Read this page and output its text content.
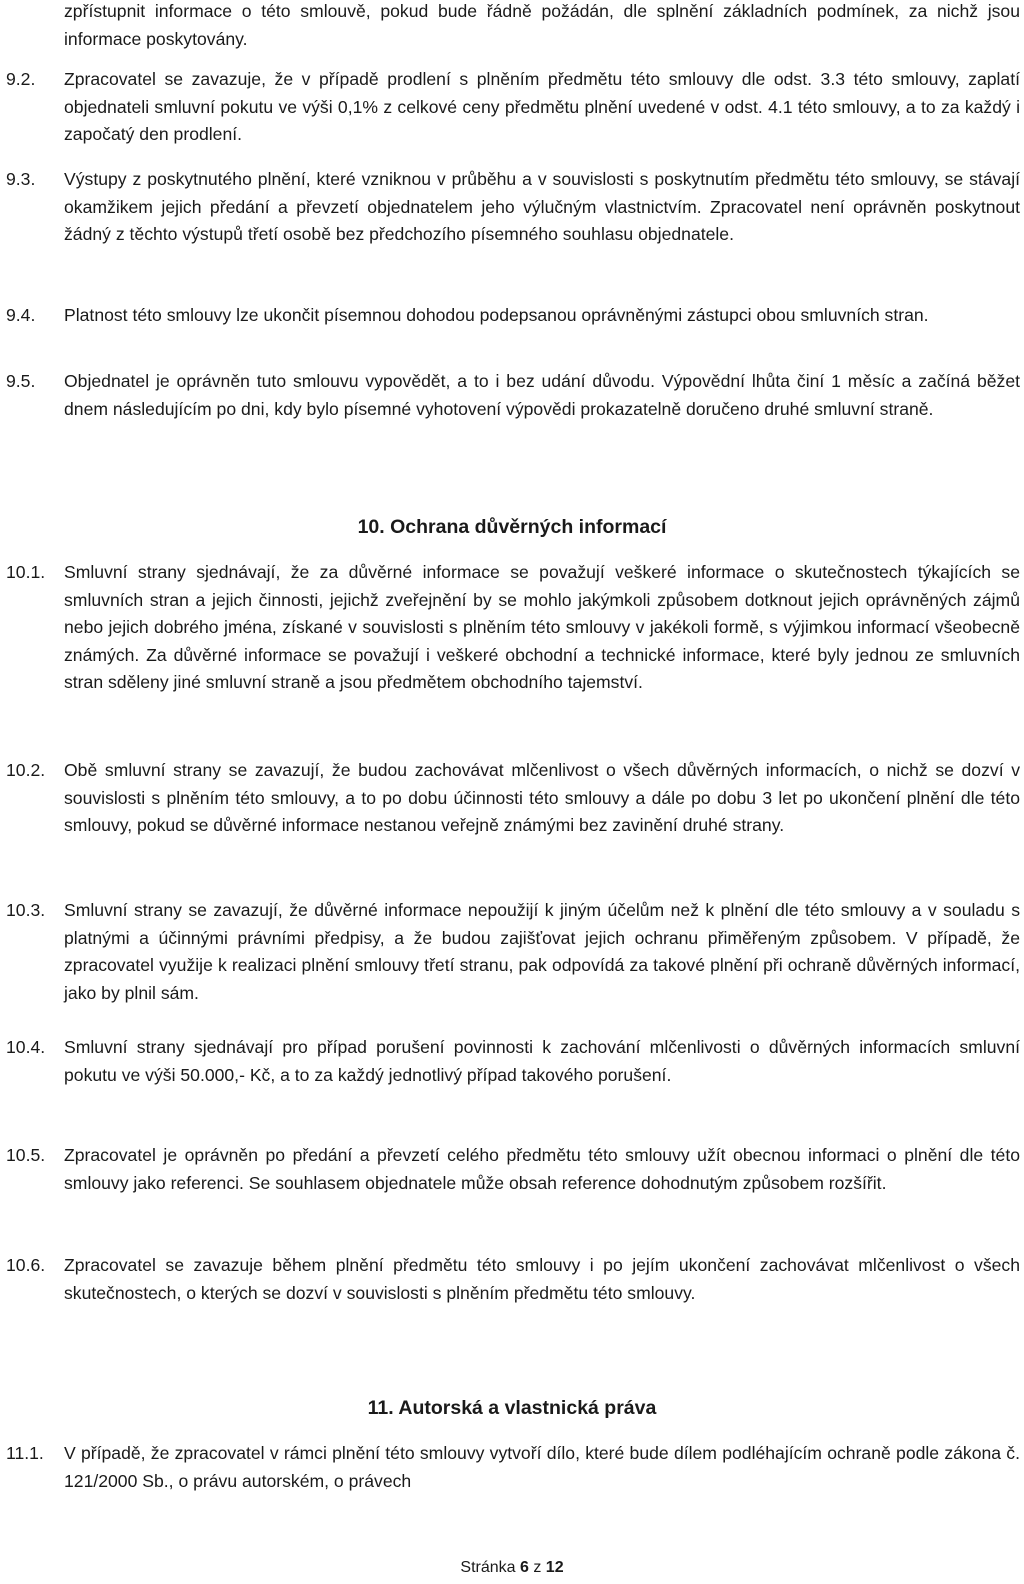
zpřístupnit informace o této smlouvě, pokud bude řádně požádán, dle splnění základních podmínek, za nichž jsou informace poskytovány.
9.2.	Zpracovatel se zavazuje, že v případě prodlení s plněním předmětu této smlouvy dle odst. 3.3 této smlouvy, zaplatí objednateli smluvní pokutu ve výši 0,1% z celkové ceny předmětu plnění uvedené v odst. 4.1 této smlouvy, a to za každý i započatý den prodlení.
9.3.	Výstupy z poskytnutého plnění, které vzniknou v průběhu a v souvislosti s poskytnutím předmětu této smlouvy, se stávají okamžikem jejich předání a převzetí objednatelem jeho výlučným vlastnictvím. Zpracovatel není oprávněn poskytnout žádný z těchto výstupů třetí osobě bez předchozího písemného souhlasu objednatele.
9.4.	Platnost této smlouvy lze ukončit písemnou dohodou podepsanou oprávněnými zástupci obou smluvních stran.
9.5.	Objednatel je oprávněn tuto smlouvu vypovědět, a to i bez udání důvodu. Výpovědní lhůta činí 1 měsíc a začíná běžet dnem následujícím po dni, kdy bylo písemné vyhotovení výpovědi prokazatelně doručeno druhé smluvní straně.
10. Ochrana důvěrných informací
10.1.	Smluvní strany sjednávají, že za důvěrné informace se považují veškeré informace o skutečnostech týkajících se smluvních stran a jejich činnosti, jejichž zveřejnění by se mohlo jakýmkoli způsobem dotknout jejich oprávněných zájmů nebo jejich dobrého jména, získané v souvislosti s plněním této smlouvy v jakékoli formě, s výjimkou informací všeobecně známých. Za důvěrné informace se považují i veškeré obchodní a technické informace, které byly jednou ze smluvních stran sděleny jiné smluvní straně a jsou předmětem obchodního tajemství.
10.2.	Obě smluvní strany se zavazují, že budou zachovávat mlčenlivost o všech důvěrných informacích, o nichž se dozví v souvislosti s plněním této smlouvy, a to po dobu účinnosti této smlouvy a dále po dobu 3 let po ukončení plnění dle této smlouvy, pokud se důvěrné informace nestanou veřejně známými bez zavinění druhé strany.
10.3.	Smluvní strany se zavazují, že důvěrné informace nepoužijí k jiným účelům než k plnění dle této smlouvy a v souladu s platnými a účinnými právními předpisy, a že budou zajišťovat jejich ochranu přiměřeným způsobem. V případě, že zpracovatel využije k realizaci plnění smlouvy třetí stranu, pak odpovídá za takové plnění při ochraně důvěrných informací, jako by plnil sám.
10.4.	Smluvní strany sjednávají pro případ porušení povinnosti k zachování mlčenlivosti o důvěrných informacích smluvní pokutu ve výši 50.000,- Kč, a to za každý jednotlivý případ takového porušení.
10.5.	Zpracovatel je oprávněn po předání a převzetí celého předmětu této smlouvy užít obecnou informaci o plnění dle této smlouvy jako referenci. Se souhlasem objednatele může obsah reference dohodnutým způsobem rozšířit.
10.6.	Zpracovatel se zavazuje během plnění předmětu této smlouvy i po jejím ukončení zachovávat mlčenlivost o všech skutečnostech, o kterých se dozví v souvislosti s plněním předmětu této smlouvy.
11. Autorská a vlastnická práva
11.1.	V případě, že zpracovatel v rámci plnění této smlouvy vytvoří dílo, které bude dílem podléhajícím ochraně podle zákona č. 121/2000 Sb., o právu autorském, o právech
Stránka 6 z 12
